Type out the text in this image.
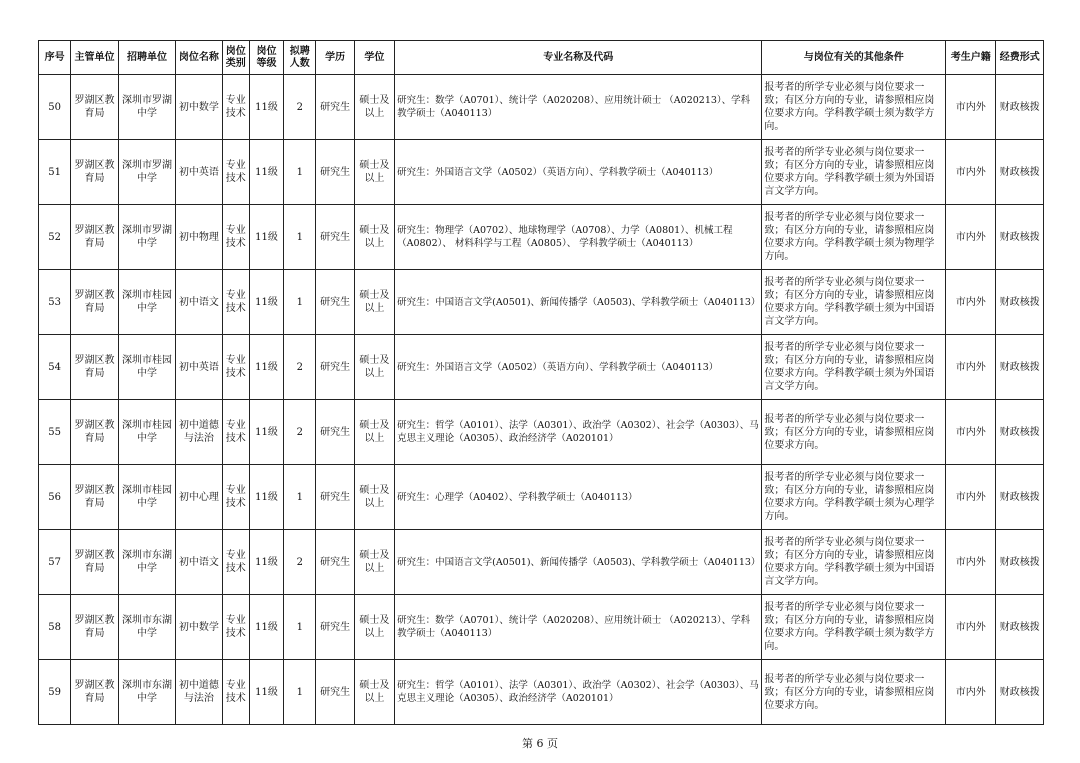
序号	主管单位	招聘单位	岗位名称	岗位类别	岗位等级	拟聘人数	学历	学位	专业名称及代码	与岗位有关的其他条件	考生户籍	经费形式
50	罗湖区教育局	深圳市罗湖中学	初中数学	专业技术	11级	2	研究生	硕士及以上	研究生：数学（A0701）、统计学（A020208）、应用统计硕士 （A020213）、学科教学硕士（A040113）	报考者的所学专业必须与岗位要求一致；有区分方向的专业，请参照相应岗位要求方向。学科教学硕士须为数学方向。	市内外	财政核拨
51	罗湖区教育局	深圳市罗湖中学	初中英语	专业技术	11级	1	研究生	硕士及以上	研究生：外国语言文学（A0502）（英语方向）、学科教学硕士（A040113）	报考者的所学专业必须与岗位要求一致；有区分方向的专业，请参照相应岗位要求方向。学科教学硕士须为外国语言文学方向。	市内外	财政核拨
52	罗湖区教育局	深圳市罗湖中学	初中物理	专业技术	11级	1	研究生	硕士及以上	研究生：物理学（A0702）、地球物理学（A0708）、力学（A0801）、机械工程（A0802）、 材料科学与工程（A0805）、 学科教学硕士（A040113）	报考者的所学专业必须与岗位要求一致；有区分方向的专业，请参照相应岗位要求方向。学科教学硕士须为物理学方向。	市内外	财政核拨
53	罗湖区教育局	深圳市桂园中学	初中语文	专业技术	11级	1	研究生	硕士及以上	研究生：中国语言文学(A0501)、新闻传播学（A0503)、学科教学硕士（A040113）	报考者的所学专业必须与岗位要求一致；有区分方向的专业，请参照相应岗位要求方向。学科教学硕士须为中国语言文学方向。	市内外	财政核拨
54	罗湖区教育局	深圳市桂园中学	初中英语	专业技术	11级	2	研究生	硕士及以上	研究生：外国语言文学（A0502）（英语方向）、学科教学硕士（A040113）	报考者的所学专业必须与岗位要求一致；有区分方向的专业，请参照相应岗位要求方向。学科教学硕士须为外国语言文学方向。	市内外	财政核拨
55	罗湖区教育局	深圳市桂园中学	初中道德与法治	专业技术	11级	2	研究生	硕士及以上	研究生：哲学（A0101）、法学（A0301）、政治学（A0302）、社会学（A0303）、马克思主义理论（A0305）、政治经济学（A020101）	报考者的所学专业必须与岗位要求一致；有区分方向的专业，请参照相应岗位要求方向。	市内外	财政核拨
56	罗湖区教育局	深圳市桂园中学	初中心理	专业技术	11级	1	研究生	硕士及以上	研究生：心理学（A0402）、学科教学硕士（A040113）	报考者的所学专业必须与岗位要求一致；有区分方向的专业，请参照相应岗位要求方向。学科教学硕士须为心理学方向。	市内外	财政核拨
57	罗湖区教育局	深圳市东湖中学	初中语文	专业技术	11级	2	研究生	硕士及以上	研究生：中国语言文学(A0501)、新闻传播学（A0503)、学科教学硕士（A040113）	报考者的所学专业必须与岗位要求一致；有区分方向的专业，请参照相应岗位要求方向。学科教学硕士须为中国语言文学方向。	市内外	财政核拨
58	罗湖区教育局	深圳市东湖中学	初中数学	专业技术	11级	1	研究生	硕士及以上	研究生：数学（A0701）、统计学（A020208）、应用统计硕士 （A020213）、学科教学硕士（A040113）	报考者的所学专业必须与岗位要求一致；有区分方向的专业，请参照相应岗位要求方向。学科教学硕士须为数学方向。	市内外	财政核拨
59	罗湖区教育局	深圳市东湖中学	初中道德与法治	专业技术	11级	1	研究生	硕士及以上	研究生：哲学（A0101）、法学（A0301）、政治学（A0302）、社会学（A0303）、马克思主义理论（A0305）、政治经济学（A020101）	报考者的所学专业必须与岗位要求一致；有区分方向的专业，请参照相应岗位要求方向。	市内外	财政核拨
第 6 页
